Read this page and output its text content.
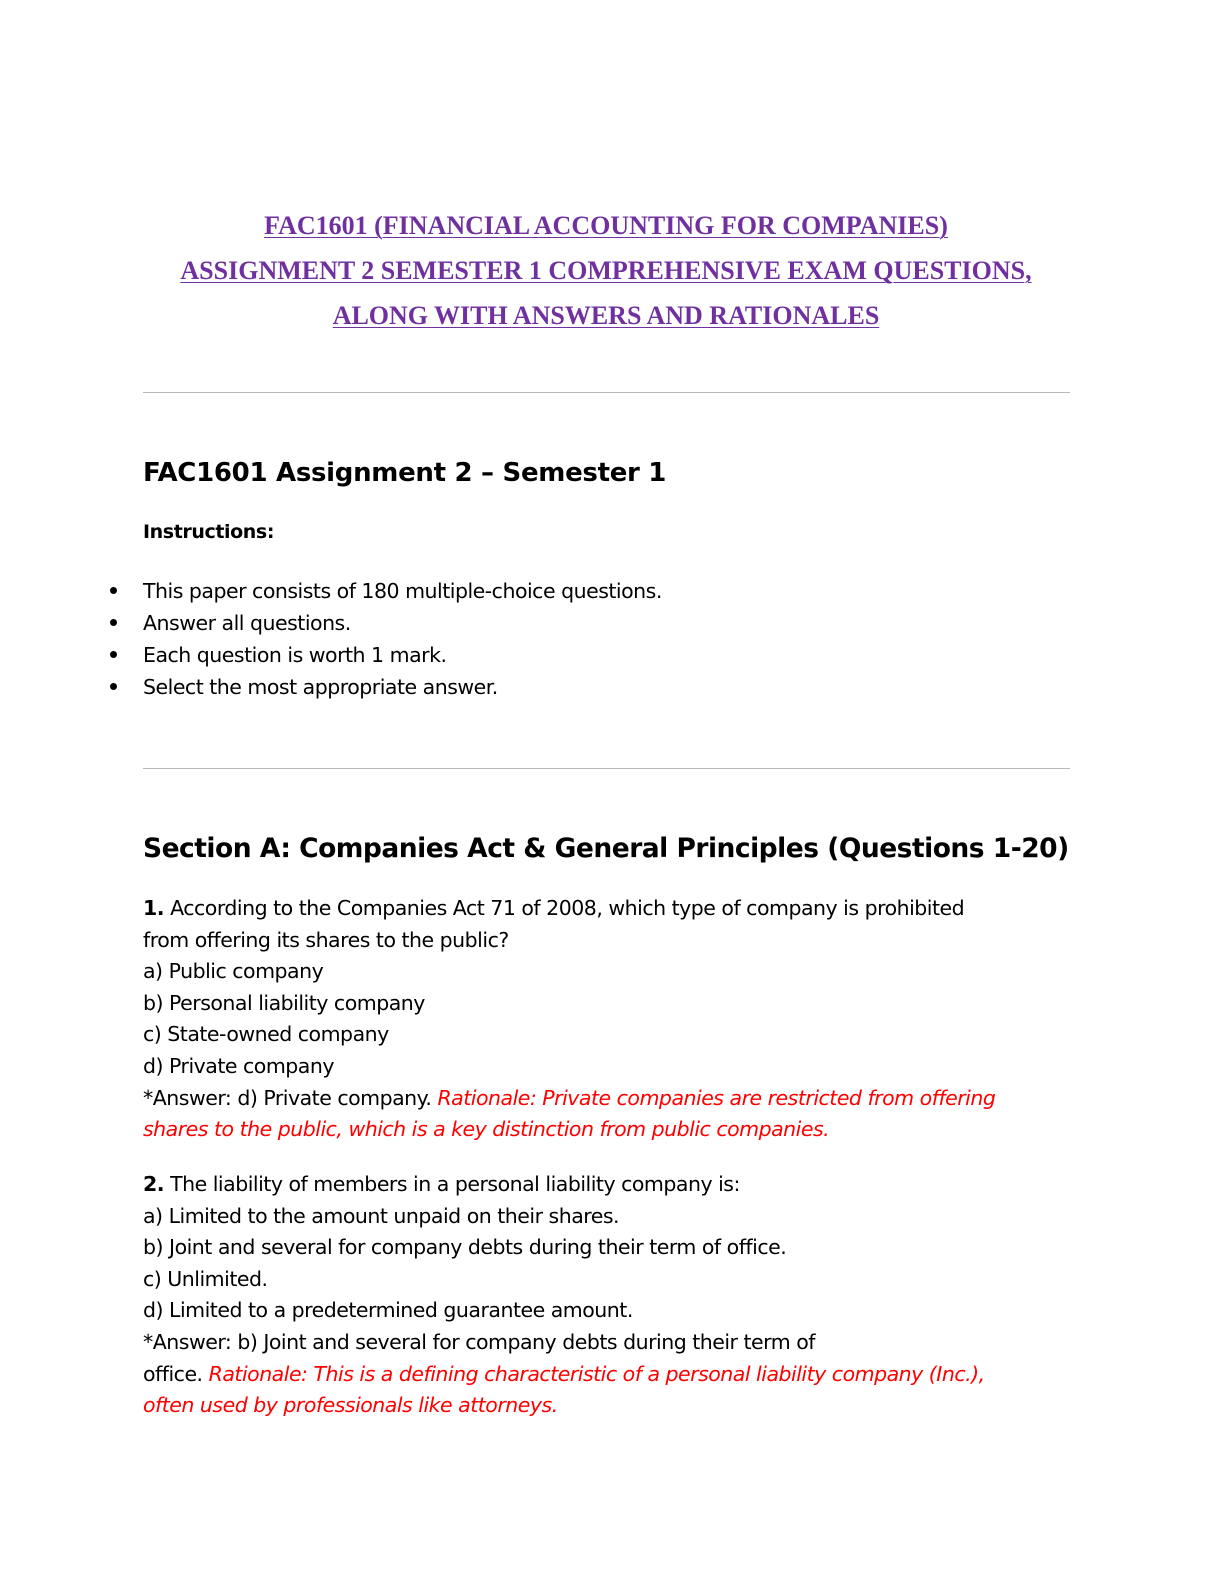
FAC1601 (FINANCIAL ACCOUNTING FOR COMPANIES)
ASSIGNMENT 2 SEMESTER 1 COMPREHENSIVE EXAM QUESTIONS,
ALONG WITH ANSWERS AND RATIONALES
FAC1601 Assignment 2 – Semester 1
Instructions:
This paper consists of 180 multiple-choice questions.
Answer all questions.
Each question is worth 1 mark.
Select the most appropriate answer.
Section A: Companies Act & General Principles (Questions 1-20)
1. According to the Companies Act 71 of 2008, which type of company is prohibited
from offering its shares to the public?
a) Public company
b) Personal liability company
c) State-owned company
d) Private company
*Answer: d) Private company. Rationale: Private companies are restricted from offering
shares to the public, which is a key distinction from public companies.
2. The liability of members in a personal liability company is:
a) Limited to the amount unpaid on their shares.
b) Joint and several for company debts during their term of office.
c) Unlimited.
d) Limited to a predetermined guarantee amount.
*Answer: b) Joint and several for company debts during their term of
office. Rationale: This is a defining characteristic of a personal liability company (Inc.),
often used by professionals like attorneys.
